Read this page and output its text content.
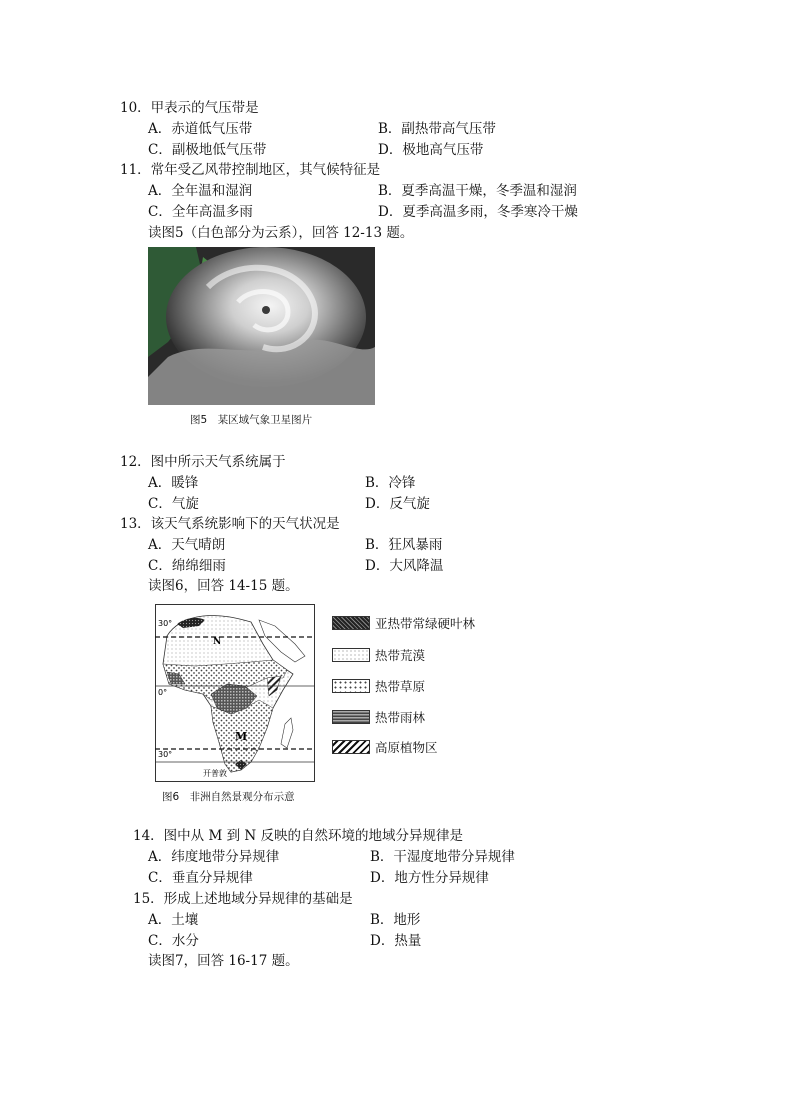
10．甲表示的气压带是
A．赤道低气压带	B．副热带高气压带
C．副极地低气压带	D．极地高气压带
11．常年受乙风带控制地区，其气候特征是
A．全年温和湿润	B．夏季高温干燥，冬季温和湿润
C．全年高温多雨	D．夏季高温多雨，冬季寒冷干燥
读图5（白色部分为云系），回答 12-13 题。
图5　某区域气象卫星图片
12．图中所示天气系统属于
A．暖锋	B．冷锋
C．气旋	D．反气旋
13．该天气系统影响下的天气状况是
A．天气晴朗	B．狂风暴雨
C．绵绵细雨	D．大风降温
读图6，回答 14-15 题。
30°
0°
30°
N
M
开普敦
亚热带常绿硬叶林
热带荒漠
热带草原
热带雨林
高原植物区
图6　非洲自然景观分布示意
14．图中从 M 到 N 反映的自然环境的地域分异规律是
A．纬度地带分异规律	B．干湿度地带分异规律
C．垂直分异规律	D．地方性分异规律
15．形成上述地域分异规律的基础是
A．土壤	B．地形
C．水分	D．热量
读图7，回答 16-17 题。
